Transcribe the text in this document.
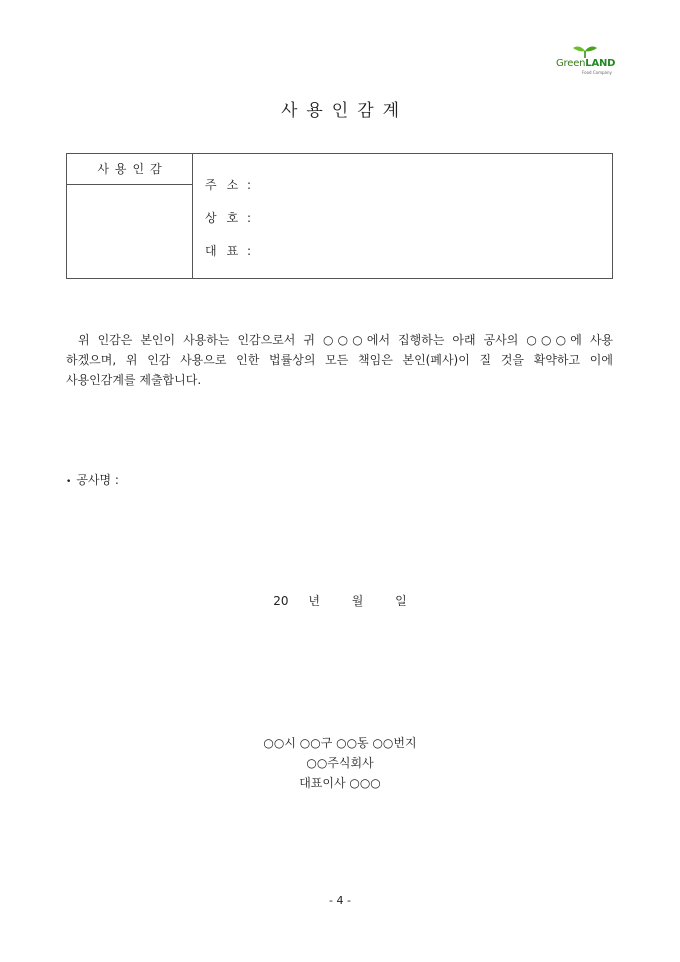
GreenLAND
Food Company
사용인감계
사용인감
주소:
상호:
대표:

위 인감은 본인이 사용하는 인감으로서 귀 ○○○에서 집행하는 아래 공사의 ○○○에 사용

하겠으며, 위 인감 사용으로 인한 법률상의 모든 책임은 본인(폐사)이 질 것을 확약하고 이에

사용인감계를 제출합니다.

• 공사명 :
20 년	월	일
○○시 ○○구 ○○동 ○○번지
○○주식회사
대표이사 ○○○
- 4 -
